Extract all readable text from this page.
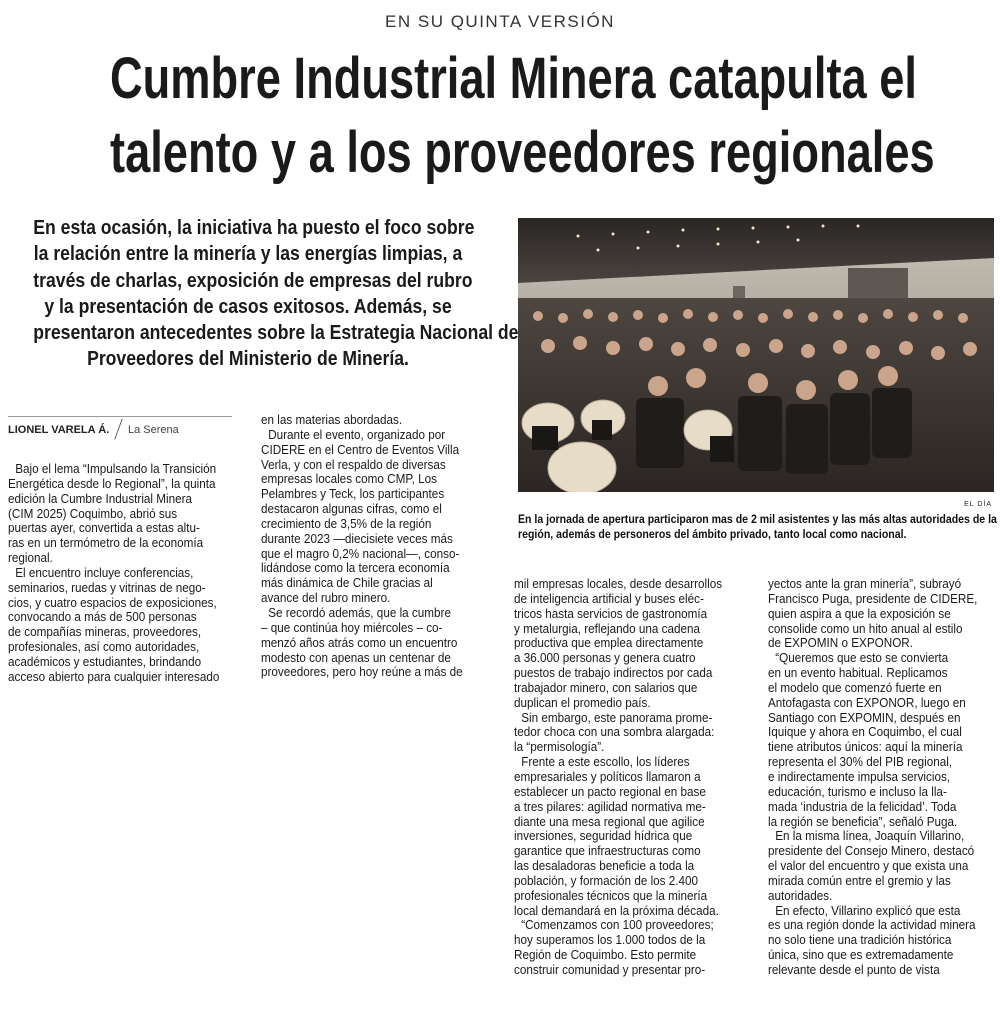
EN SU QUINTA VERSIÓN
Cumbre Industrial Minera catapulta el
talento y a los proveedores regionales
En esta ocasión, la iniciativa ha puesto el foco sobre
la relación entre la minería y las energías limpias, a
través de charlas, exposición de empresas del rubro
y la presentación de casos exitosos. Además, se
presentaron antecedentes sobre la Estrategia Nacional de
Proveedores del Ministerio de Minería.
EL DÍA
En la jornada de apertura participaron mas de 2 mil asistentes y las más altas autoridades de la
región, además de personeros del ámbito privado, tanto local como nacional.
LIONEL VARELA Á. La Serena
Bajo el lema “Impulsando la Transición
Energética desde lo Regional”, la quinta
edición la Cumbre Industrial Minera
(CIM 2025) Coquimbo, abrió sus
puertas ayer, convertida a estas altu-
ras en un termómetro de la economía
regional.
El encuentro incluye conferencias,
seminarios, ruedas y vitrinas de nego-
cios, y cuatro espacios de exposiciones,
convocando a más de 500 personas
de compañías mineras, proveedores,
profesionales, así como autoridades,
académicos y estudiantes, brindando
acceso abierto para cualquier interesado
en las materias abordadas.
Durante el evento, organizado por
CIDERE en el Centro de Eventos Villa
Verla, y con el respaldo de diversas
empresas locales como CMP, Los
Pelambres y Teck, los participantes
destacaron algunas cifras, como el
crecimiento de 3,5% de la región
durante 2023 —diecisiete veces más
que el magro 0,2% nacional—, conso-
lidándose como la tercera economía
más dinámica de Chile gracias al
avance del rubro minero.
Se recordó además, que la cumbre
– que continúa hoy miércoles – co-
menzó años atrás como un encuentro
modesto con apenas un centenar de
proveedores, pero hoy reúne a más de
mil empresas locales, desde desarrollos
de inteligencia artificial y buses eléc-
tricos hasta servicios de gastronomía
y metalurgia, reflejando una cadena
productiva que emplea directamente
a 36.000 personas y genera cuatro
puestos de trabajo indirectos por cada
trabajador minero, con salarios que
duplican el promedio país.
Sin embargo, este panorama prome-
tedor choca con una sombra alargada:
la “permisología”.
Frente a este escollo, los líderes
empresariales y políticos llamaron a
establecer un pacto regional en base
a tres pilares: agilidad normativa me-
diante una mesa regional que agilice
inversiones, seguridad hídrica que
garantice que infraestructuras como
las desaladoras beneficie a toda la
población, y formación de los 2.400
profesionales técnicos que la minería
local demandará en la próxima década.
“Comenzamos con 100 proveedores;
hoy superamos los 1.000 todos de la
Región de Coquimbo. Esto permite
construir comunidad y presentar pro-
yectos ante la gran minería”, subrayó
Francisco Puga, presidente de CIDERE,
quien aspira a que la exposición se
consolide como un hito anual al estilo
de EXPOMIN o EXPONOR.
“Queremos que esto se convierta
en un evento habitual. Replicamos
el modelo que comenzó fuerte en
Antofagasta con EXPONOR, luego en
Santiago con EXPOMIN, después en
Iquique y ahora en Coquimbo, el cual
tiene atributos únicos: aquí la minería
representa el 30% del PIB regional,
e indirectamente impulsa servicios,
educación, turismo e incluso la lla-
mada ‘industria de la felicidad’. Toda
la región se beneficia”, señaló Puga.
En la misma línea, Joaquín Villarino,
presidente del Consejo Minero, destacó
el valor del encuentro y que exista una
mirada común entre el gremio y las
autoridades.
En efecto, Villarino explicó que esta
es una región donde la actividad minera
no solo tiene una tradición histórica
única, sino que es extremadamente
relevante desde el punto de vista
